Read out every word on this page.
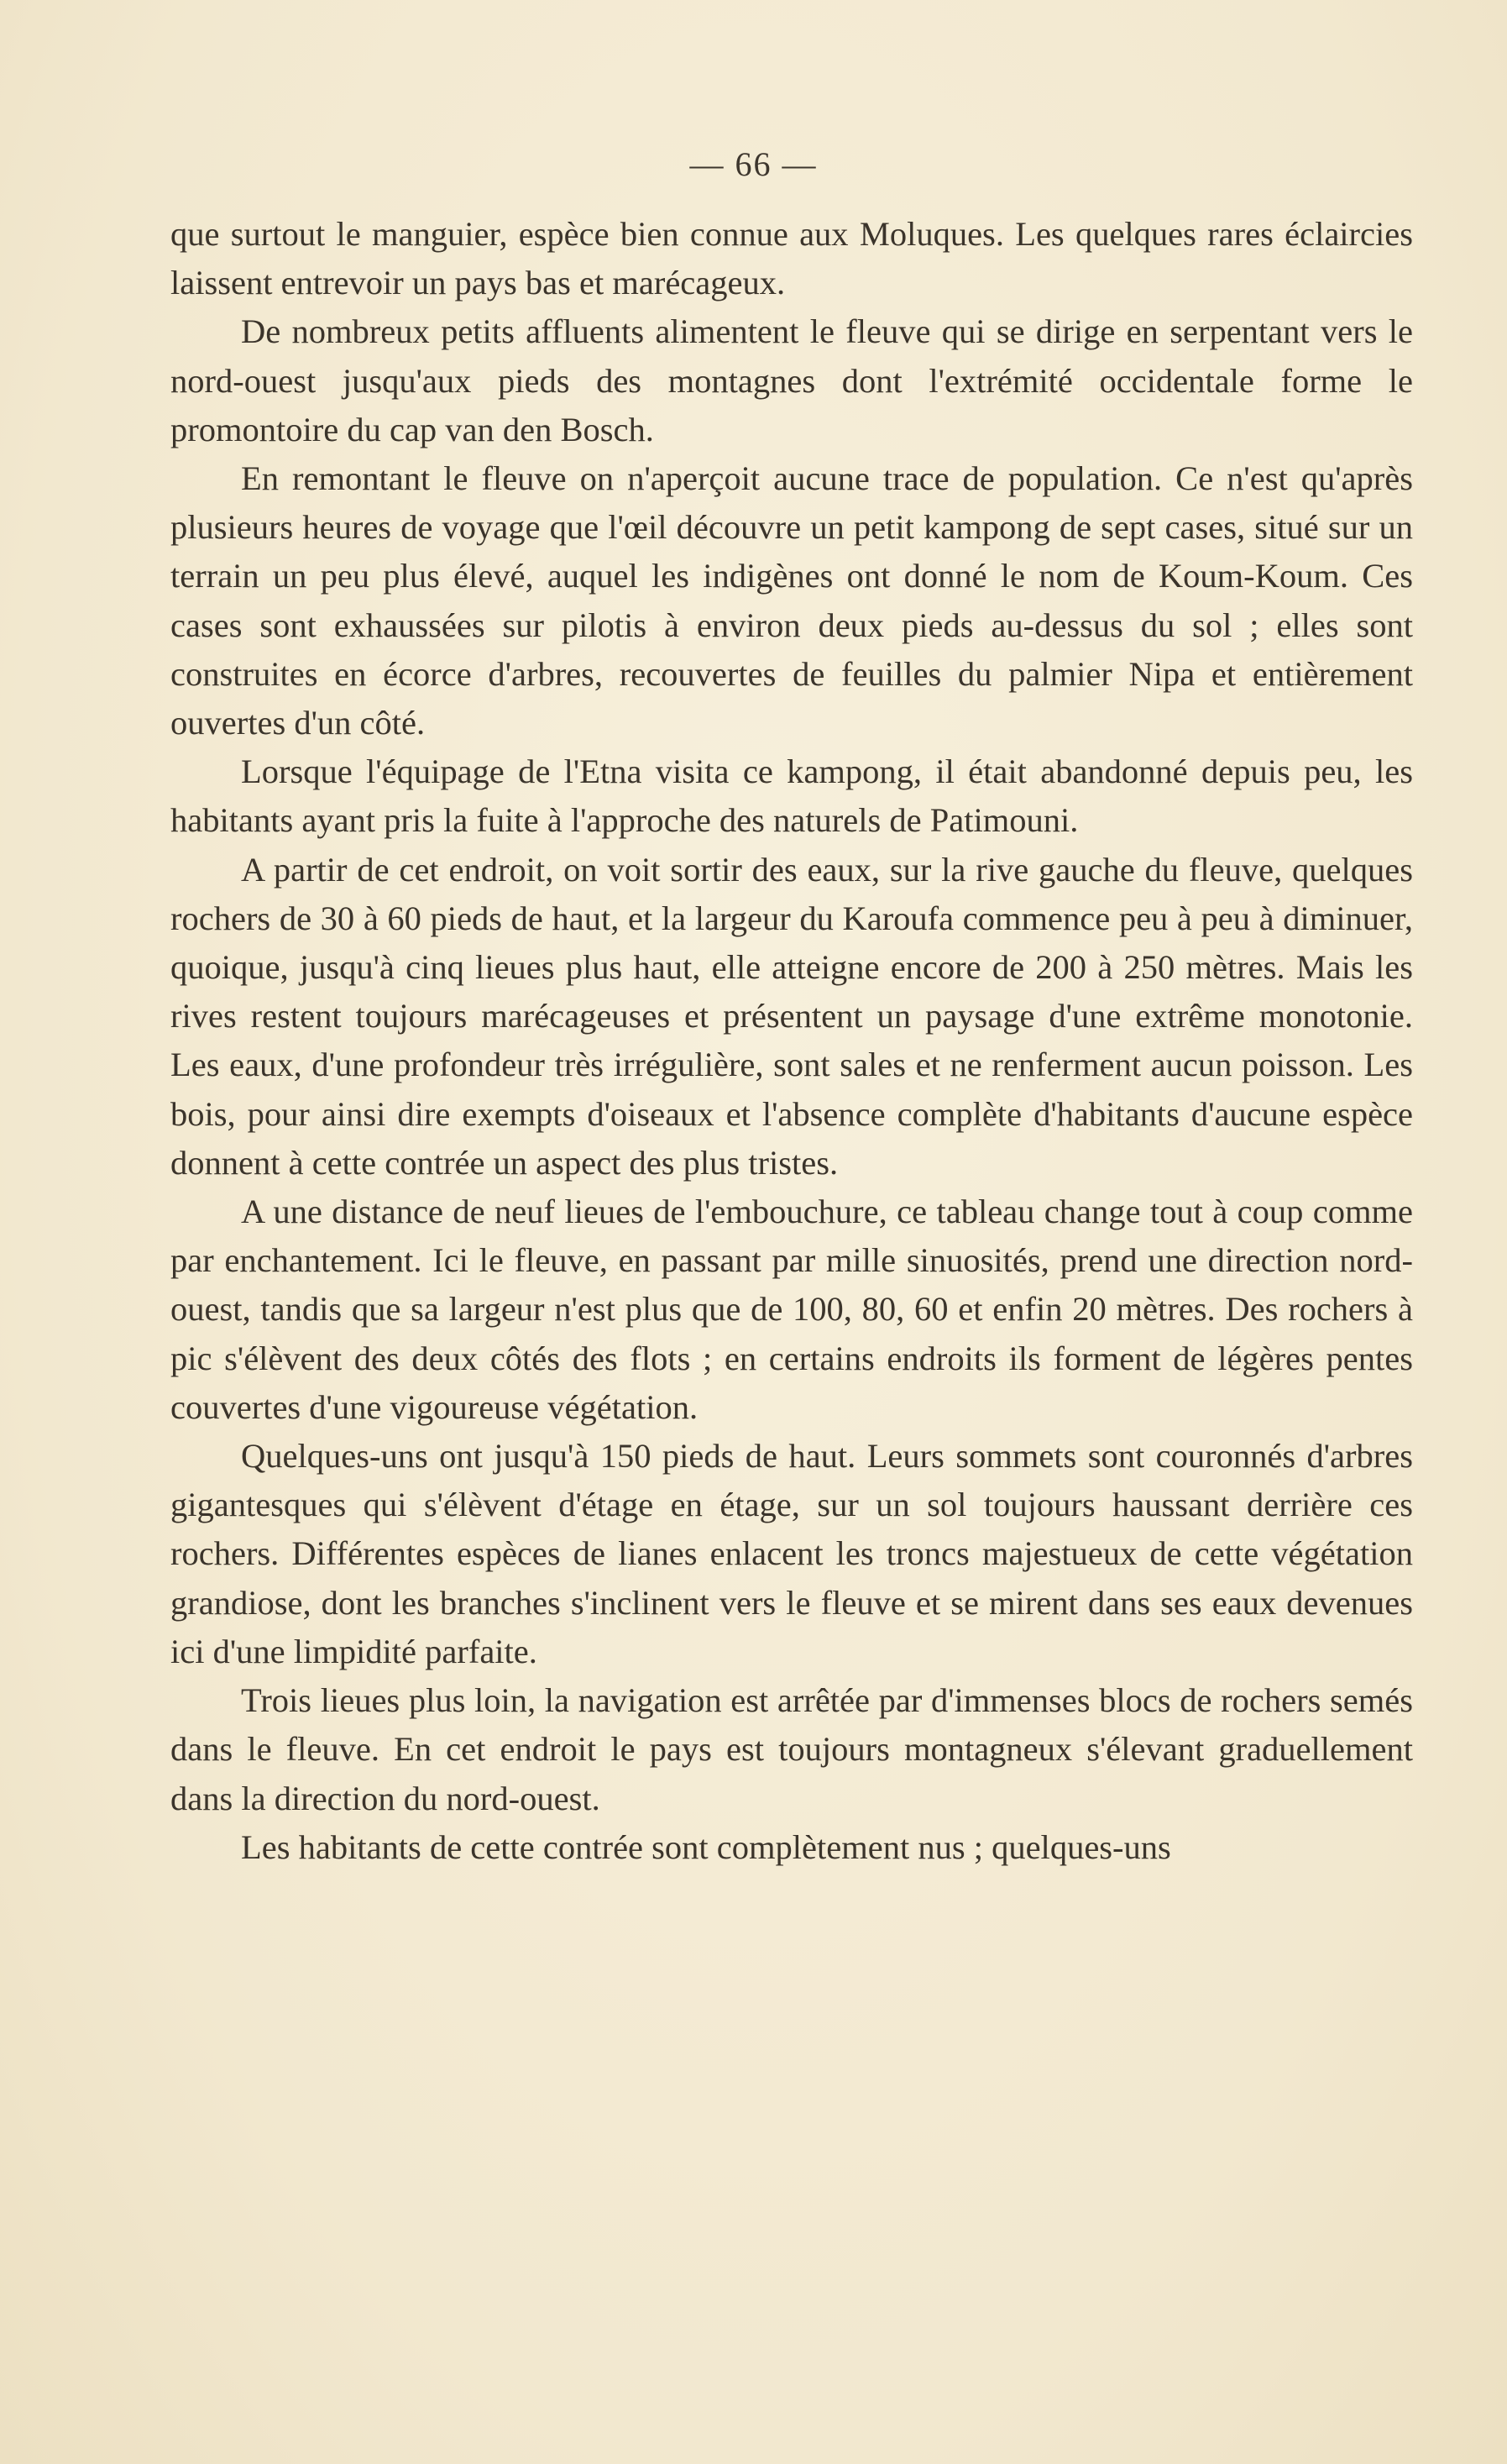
— 66 —

que surtout le manguier, espèce bien connue aux Moluques. Les quelques rares éclaircies laissent entrevoir un pays bas et marécageux.

De nombreux petits affluents alimentent le fleuve qui se dirige en serpentant vers le nord-ouest jusqu'aux pieds des montagnes dont l'extrémité occidentale forme le promontoire du cap van den Bosch.

En remontant le fleuve on n'aperçoit aucune trace de population. Ce n'est qu'après plusieurs heures de voyage que l'œil découvre un petit kampong de sept cases, situé sur un terrain un peu plus élevé, auquel les indigènes ont donné le nom de Koum-Koum. Ces cases sont exhaussées sur pilotis à environ deux pieds au-dessus du sol ; elles sont construites en écorce d'arbres, recouvertes de feuilles du palmier Nipa et entièrement ouvertes d'un côté.

Lorsque l'équipage de l'Etna visita ce kampong, il était abandonné depuis peu, les habitants ayant pris la fuite à l'approche des naturels de Patimouni.

A partir de cet endroit, on voit sortir des eaux, sur la rive gauche du fleuve, quelques rochers de 30 à 60 pieds de haut, et la largeur du Karoufa commence peu à peu à diminuer, quoique, jusqu'à cinq lieues plus haut, elle atteigne encore de 200 à 250 mètres. Mais les rives restent toujours marécageuses et présentent un paysage d'une extrême monotonie. Les eaux, d'une profondeur très irrégulière, sont sales et ne renferment aucun poisson. Les bois, pour ainsi dire exempts d'oiseaux et l'absence complète d'habitants d'aucune espèce donnent à cette contrée un aspect des plus tristes.

A une distance de neuf lieues de l'embouchure, ce tableau change tout à coup comme par enchantement. Ici le fleuve, en passant par mille sinuosités, prend une direction nord-ouest, tandis que sa largeur n'est plus que de 100, 80, 60 et enfin 20 mètres. Des rochers à pic s'élèvent des deux côtés des flots ; en certains endroits ils forment de légères pentes couvertes d'une vigoureuse végétation.

Quelques-uns ont jusqu'à 150 pieds de haut. Leurs sommets sont couronnés d'arbres gigantesques qui s'élèvent d'étage en étage, sur un sol toujours haussant derrière ces rochers. Différentes espèces de lianes enlacent les troncs majestueux de cette végétation grandiose, dont les branches s'inclinent vers le fleuve et se mirent dans ses eaux devenues ici d'une limpidité parfaite.

Trois lieues plus loin, la navigation est arrêtée par d'immenses blocs de rochers semés dans le fleuve. En cet endroit le pays est toujours montagneux s'élevant graduellement dans la direction du nord-ouest.

Les habitants de cette contrée sont complètement nus ; quelques-uns
